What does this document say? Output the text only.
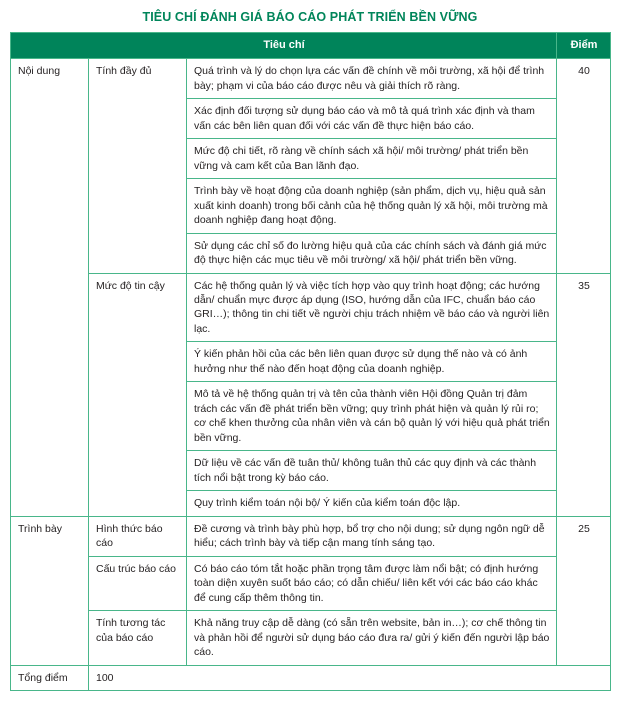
TIÊU CHÍ ĐÁNH GIÁ BÁO CÁO PHÁT TRIỂN BỀN VỮNG
Tiêu chí			Điểm
Nội dung	Tính đầy đủ	Quá trình và lý do chọn lựa các vấn đề chính về môi trường, xã hội để trình bày; phạm vi của báo cáo được nêu và giải thích rõ ràng.	40
		Xác định đối tượng sử dụng báo cáo và mô tả quá trình xác định và tham vấn các bên liên quan đối với các vấn đề thực hiện báo cáo.	
		Mức độ chi tiết, rõ ràng về chính sách xã hội/ môi trường/ phát triển bền vững và cam kết của Ban lãnh đạo.	
		Trình bày về hoạt động của doanh nghiệp (sản phẩm, dịch vụ, hiệu quả sản xuất kinh doanh) trong bối cảnh của hệ thống quản lý xã hội, môi trường mà doanh nghiệp đang hoạt động.	
		Sử dụng các chỉ số đo lường hiệu quả của các chính sách và đánh giá mức độ thực hiện các mục tiêu về môi trường/ xã hội/ phát triển bền vững.	
	Mức độ tin cậy	Các hệ thống quản lý và việc tích hợp vào quy trình hoạt động; các hướng dẫn/ chuẩn mực được áp dụng (ISO, hướng dẫn của IFC, chuẩn báo cáo GRI…); thông tin chi tiết về người chịu trách nhiệm về báo cáo và người liên lạc.	35
		Ý kiến phản hồi của các bên liên quan được sử dụng thế nào và có ảnh hưởng như thế nào đến hoạt động của doanh nghiệp.	
		Mô tả về hệ thống quản trị và tên của thành viên Hội đồng Quản trị đảm trách các vấn đề phát triển bền vững; quy trình phát hiện và quản lý rủi ro; cơ chế khen thưởng của nhân viên và cán bộ quản lý với hiệu quả phát triển bền vững.	
		Dữ liệu về các vấn đề tuân thủ/ không tuân thủ các quy định và các thành tích nổi bật trong kỳ báo cáo.	
		Quy trình kiểm toán nội bộ/ Ý kiến của kiểm toán độc lập.	
Trình bày	Hình thức báo cáo	Đề cương và trình bày phù hợp, bổ trợ cho nội dung; sử dụng ngôn ngữ dễ hiểu; cách trình bày và tiếp cận mang tính sáng tạo.	25
	Cấu trúc báo cáo	Có báo cáo tóm tắt hoặc phần trọng tâm được làm nổi bật; có định hướng toàn diện xuyên suốt báo cáo; có dẫn chiếu/ liên kết với các báo cáo khác để cung cấp thêm thông tin.	
	Tính tương tác của báo cáo	Khả năng truy cập dễ dàng (có sẵn trên website, bản in…); cơ chế thông tin và phản hồi để người sử dụng báo cáo đưa ra/ gửi ý kiến đến người lập báo cáo.	
Tổng điểm	100		
